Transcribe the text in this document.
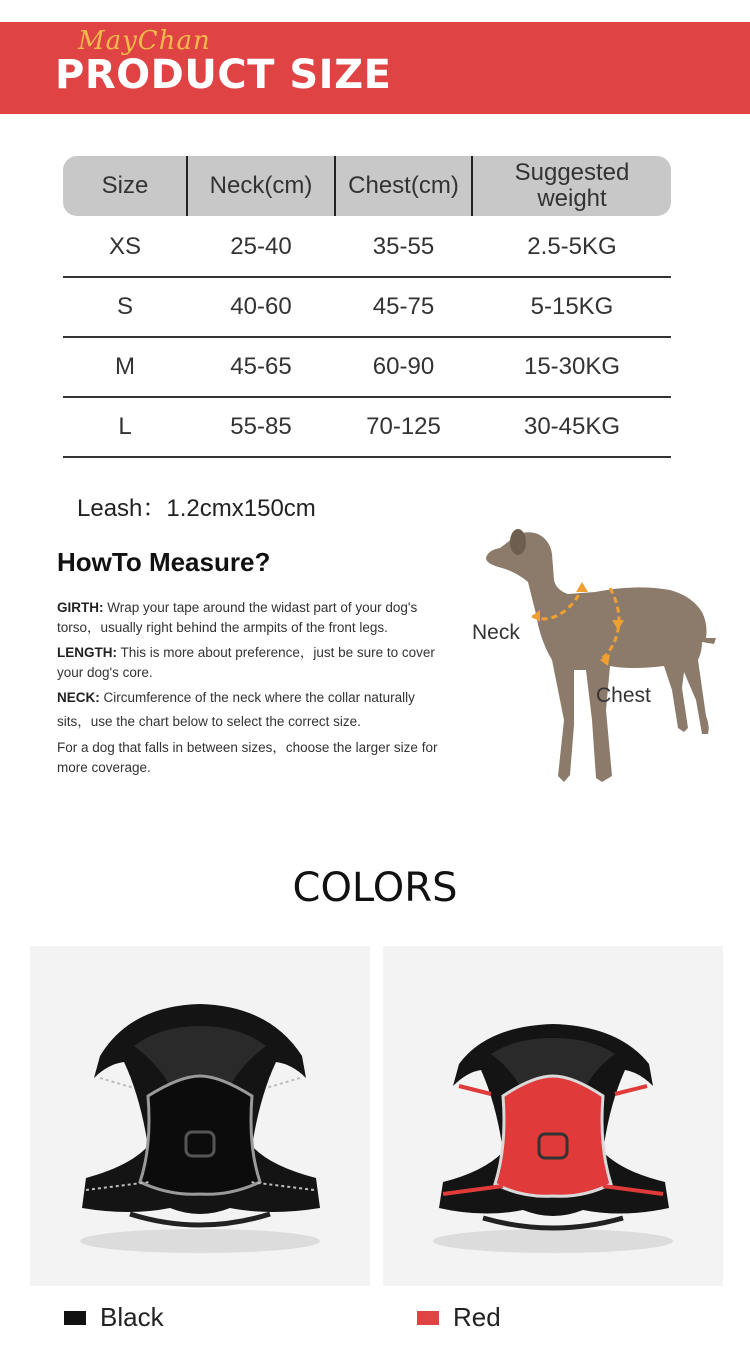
MayChan
PRODUCT SIZE
Size	Neck(cm) Chest(cm) Suggested
weight
XS	25-40	35-55	2.5-5KG
S	40-60	45-75	5-15KG
M	45-65	60-90	15-30KG
L	55-85	70-125	30-45KG
Leash：1.2cmx150cm
HowTo Measure?
GIRTH: Wrap your tape around the widast part of your dog's torso，usually right behind the armpits of the front legs.
LENGTH: This is more about preference，just be sure to cover your dog's core.
NECK: Circumference of the neck where the collar naturally
sits，use the chart below to select the correct size.
For a dog that falls in between sizes，choose the larger size for more coverage.
Neck
Chest
COLORS
Black	Red
